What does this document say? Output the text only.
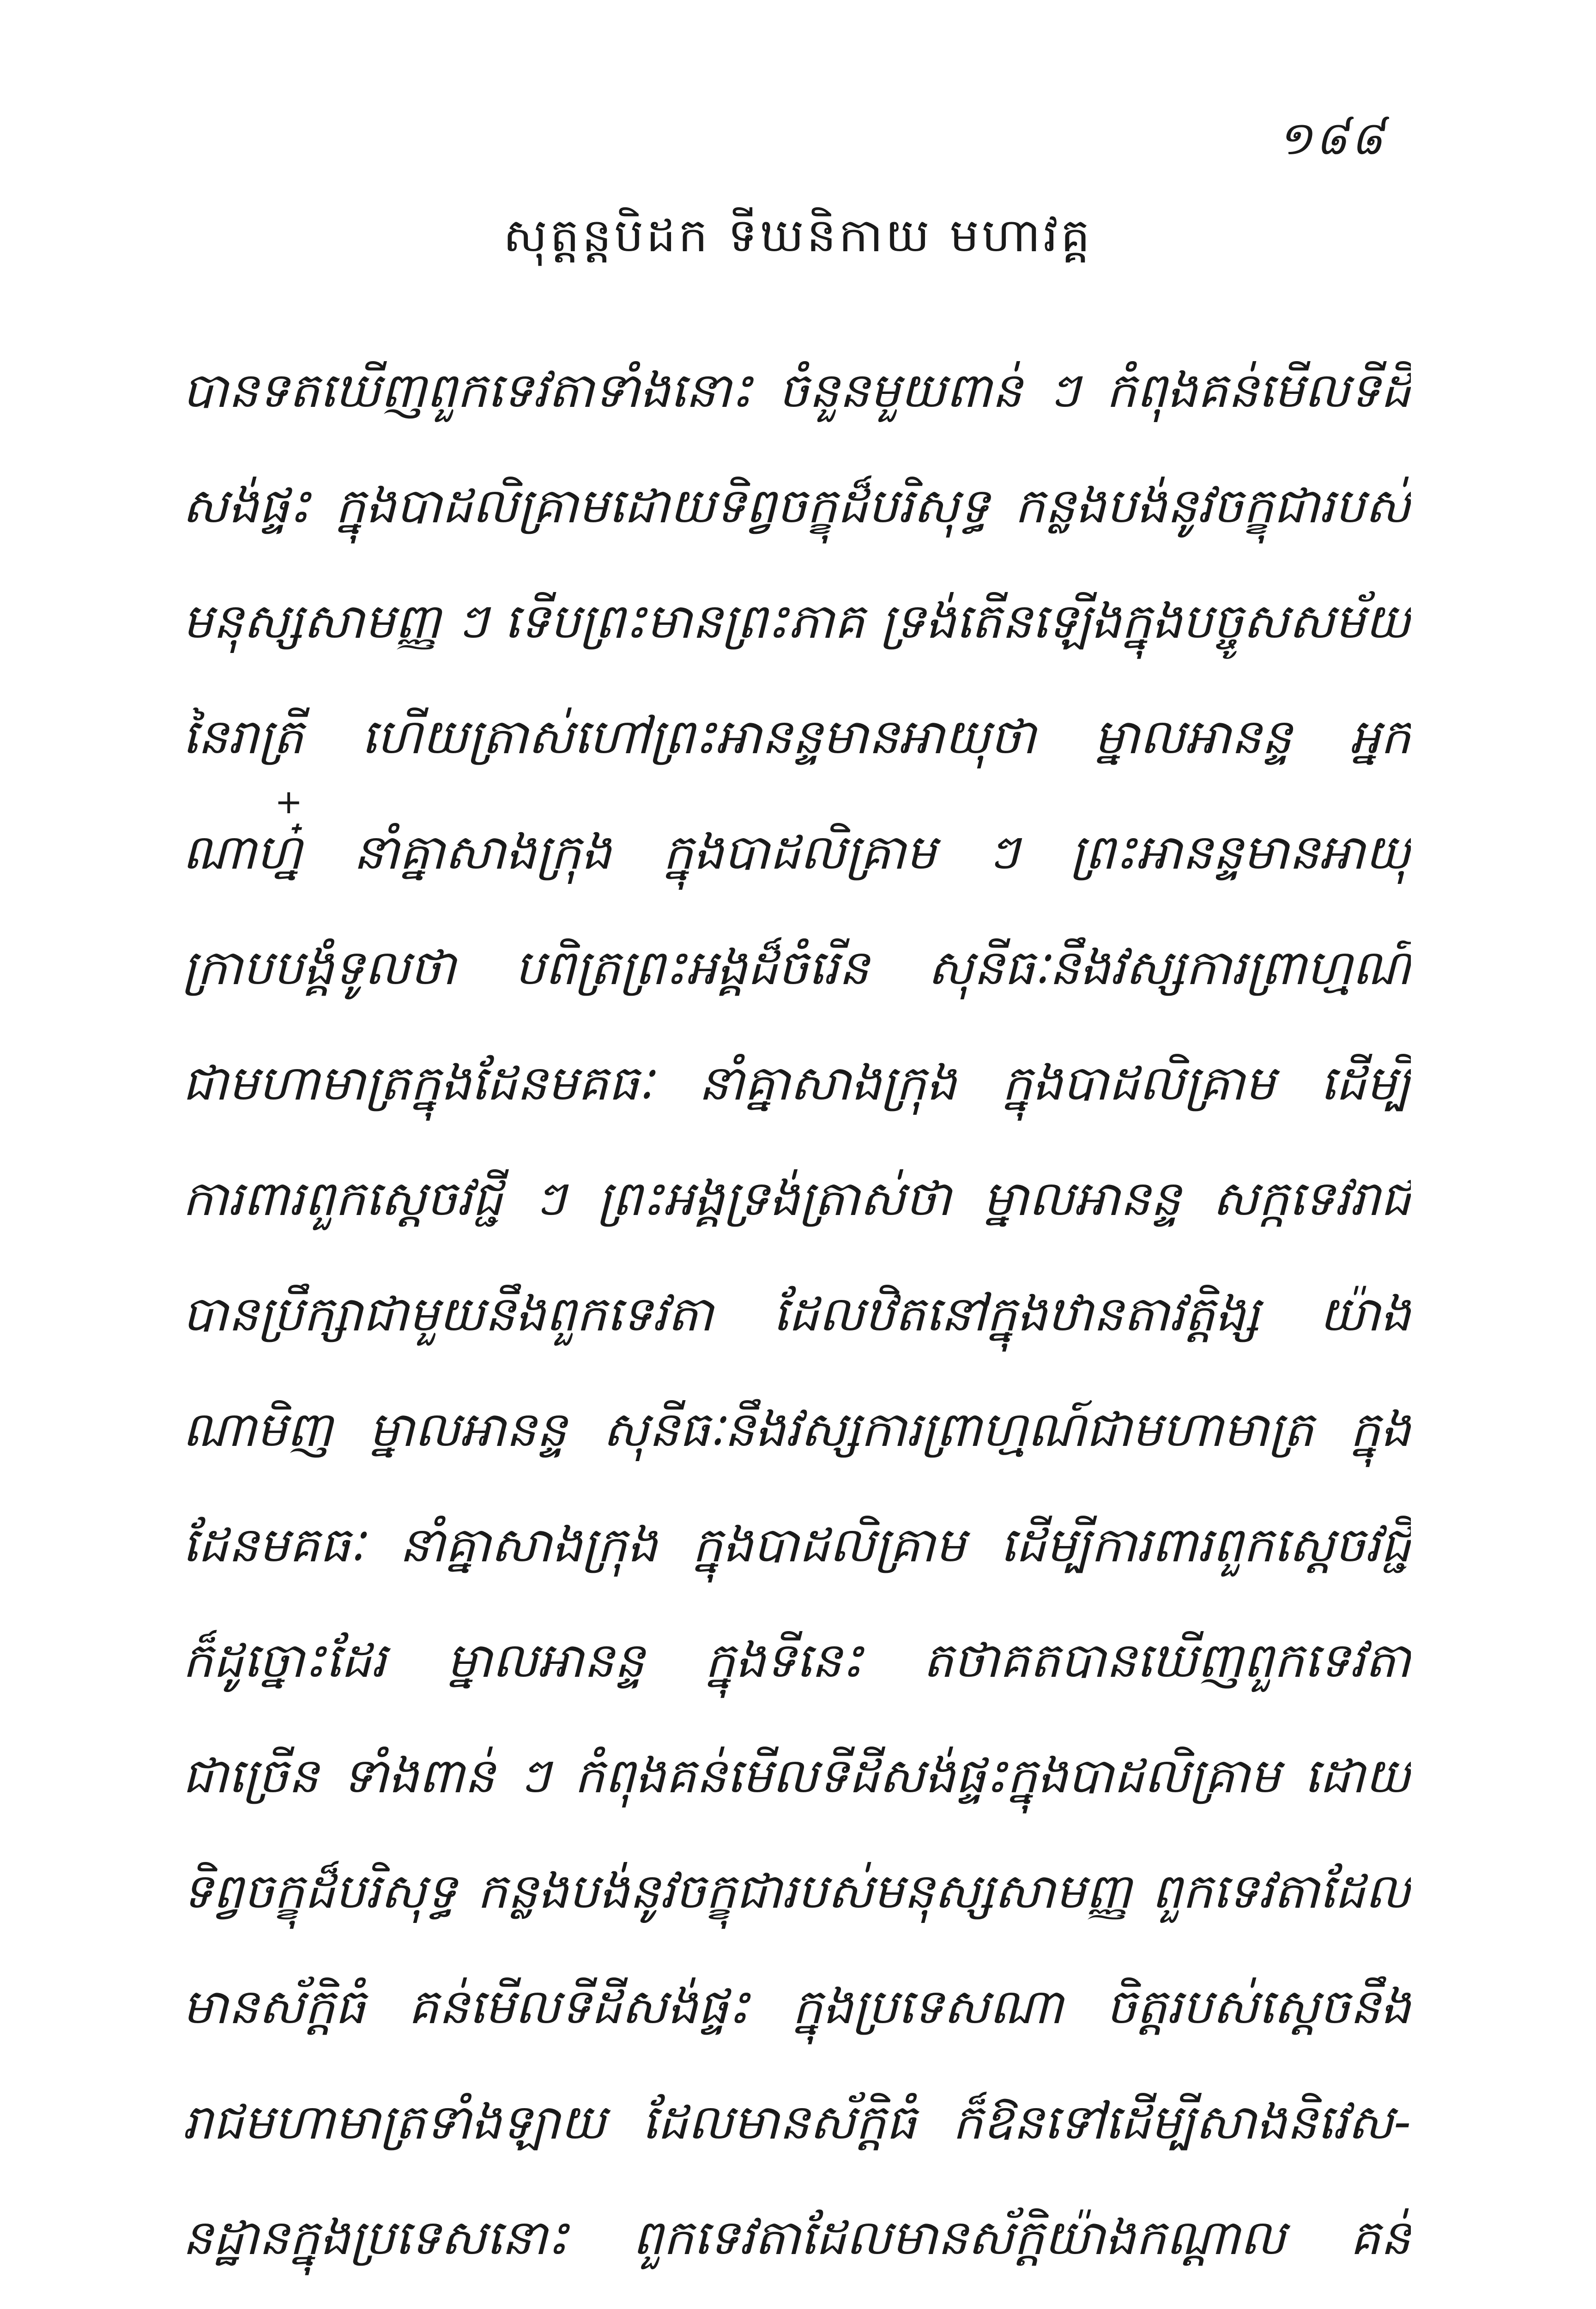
១៨៨
សុត្តន្តបិដក ទីឃនិកាយ មហាវគ្គ
+
បានទតឃើញពួកទេវតាទាំងនោះ ចំនួនមួយពាន់ ៗ កំពុងគន់មើលទីដី
សង់ផ្ទះ ក្នុងបាដលិគ្រាមដោយទិព្វចក្ខុដ៏បរិសុទ្ធ កន្លងបង់នូវចក្ខុជារបស់
មនុស្សសាមញ្ញ ៗ ទើបព្រះមានព្រះភាគ ទ្រង់តើនឡើងក្នុងបច្ចូសសម័យ
នៃរាត្រី ហើយត្រាស់ហៅព្រះអានន្ទមានអាយុថា ម្នាលអានន្ទ អ្នក
ណាហ្ន៎ នាំគ្នាសាងក្រុង ក្នុងបាដលិគ្រាម ៗ ព្រះអានន្ទមានអាយុ
ក្រាបបង្គំទូលថា បពិត្រព្រះអង្គដ៏ចំរើន សុនីធៈនឹងវស្សការព្រាហ្មណ៍
ជាមហាមាត្រក្នុងដែនមគធៈ នាំគ្នាសាងក្រុង ក្នុងបាដលិគ្រាម ដើម្បី
ការពារពួកស្តេចវជ្ជី ៗ ព្រះអង្គទ្រង់ត្រាស់ថា ម្នាលអានន្ទ សក្កទេវរាជ
បានប្រឹក្សាជាមួយនឹងពួកទេវតា ដែលឋិតនៅក្នុងឋានតាវត្តិង្ស យ៉ាង
ណាមិញ ម្នាលអានន្ទ សុនីធៈនឹងវស្សការព្រាហ្មណ៍ជាមហាមាត្រ ក្នុង
ដែនមគធៈ នាំគ្នាសាងក្រុង ក្នុងបាដលិគ្រាម ដើម្បីការពារពួកស្តេចវជ្ជី
ក៏ដូច្នោះដែរ ម្នាលអានន្ទ ក្នុងទីនេះ តថាគតបានឃើញពួកទេវតា
ជាច្រើន ទាំងពាន់ ៗ កំពុងគន់មើលទីដីសង់ផ្ទះក្នុងបាដលិគ្រាម ដោយ
ទិព្វចក្ខុដ៏បរិសុទ្ធ កន្លងបង់នូវចក្ខុជារបស់មនុស្សសាមញ្ញ ពួកទេវតាដែល
មានស័ក្តិធំ គន់មើលទីដីសង់ផ្ទះ ក្នុងប្រទេសណា ចិត្តរបស់ស្តេចនឹង
រាជមហាមាត្រទាំងឡាយ ដែលមានស័ក្តិធំ ក៏ឱនទៅដើម្បីសាងនិវេស-
នដ្ឋានក្នុងប្រទេសនោះ ពួកទេវតាដែលមានស័ក្តិយ៉ាងកណ្តាល គន់
